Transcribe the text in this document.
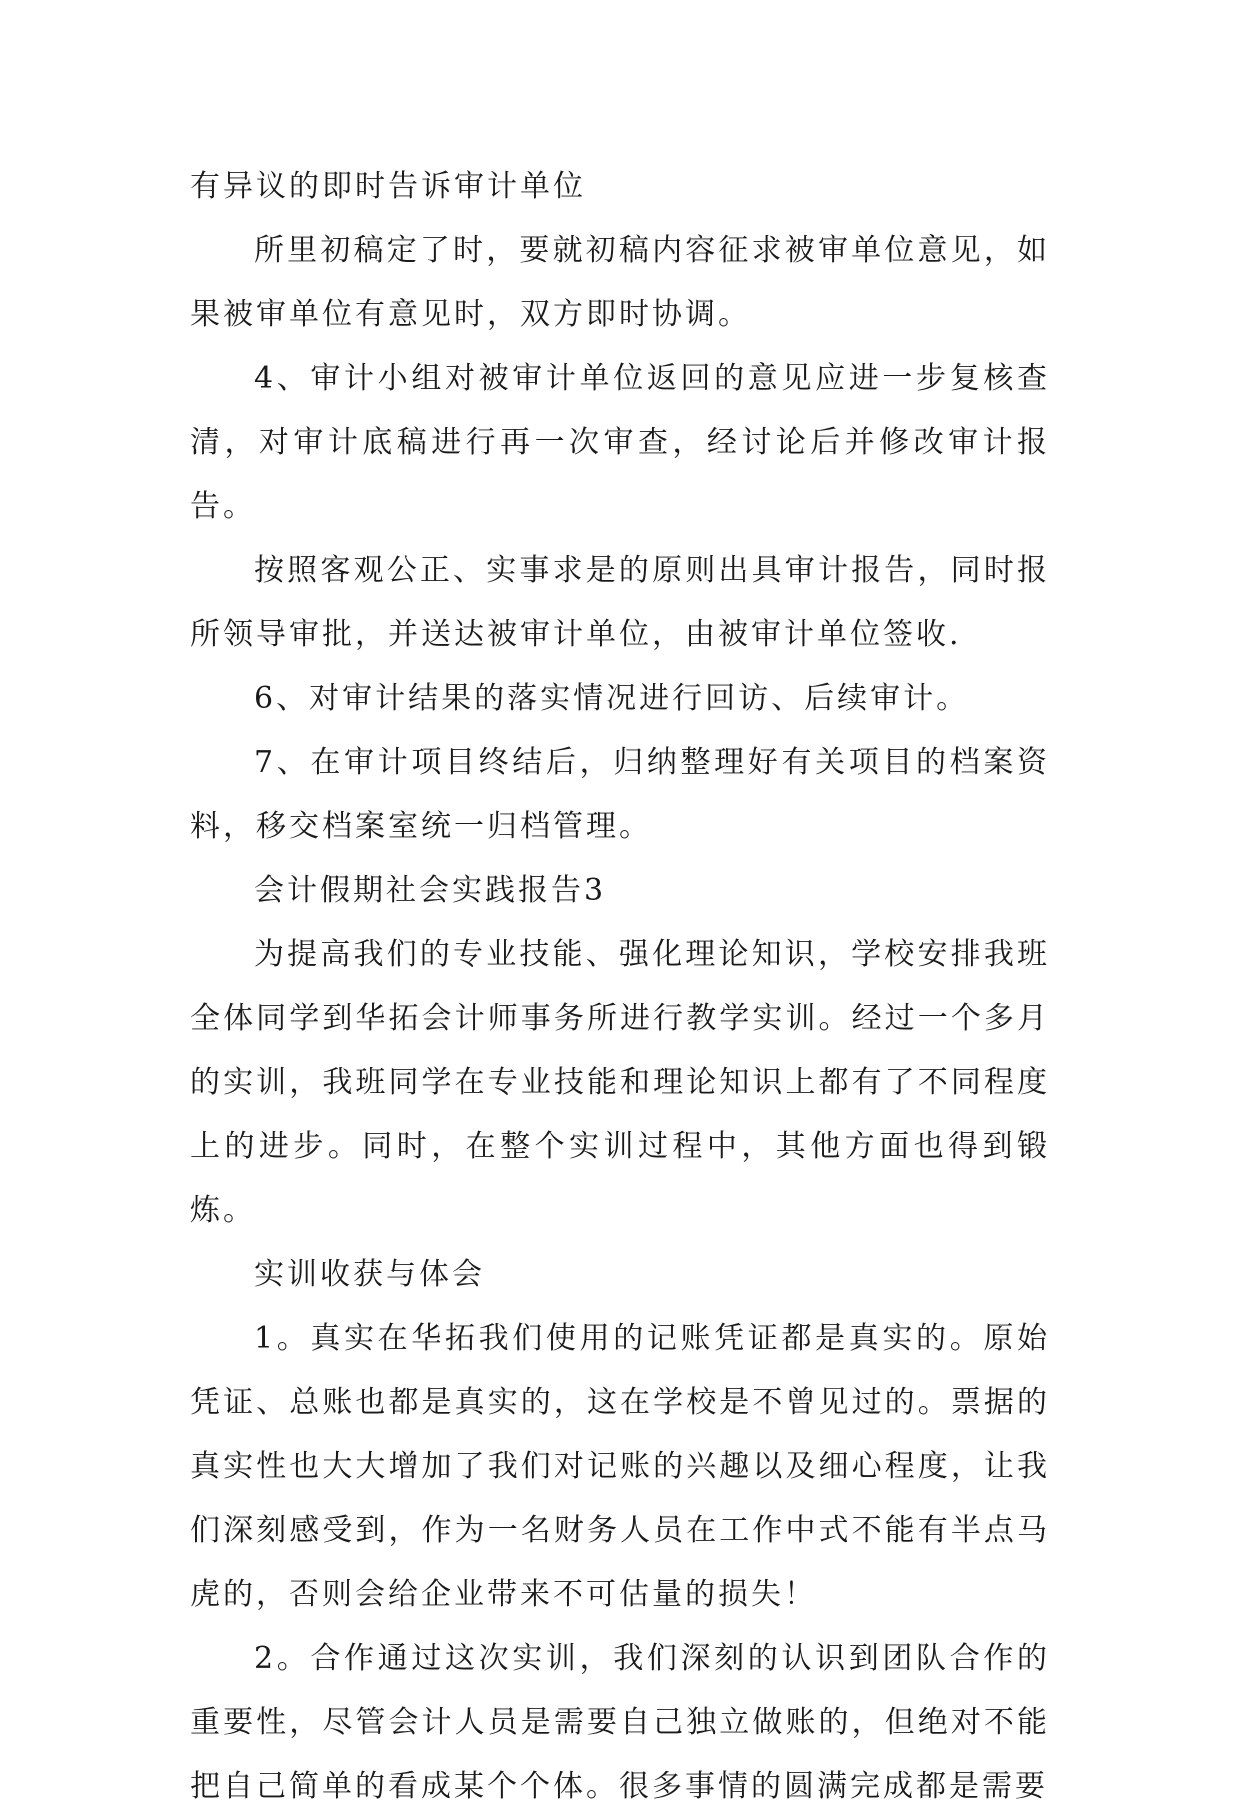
有异议的即时告诉审计单位

所里初稿定了时，要就初稿内容征求被审单位意见，如果被审单位有意见时，双方即时协调。

4、审计小组对被审计单位返回的意见应进一步复核查清，对审计底稿进行再一次审查，经讨论后并修改审计报告。

按照客观公正、实事求是的原则出具审计报告，同时报所领导审批，并送达被审计单位，由被审计单位签收.

6、对审计结果的落实情况进行回访、后续审计。

7、在审计项目终结后，归纳整理好有关项目的档案资料，移交档案室统一归档管理。

会计假期社会实践报告3

为提高我们的专业技能、强化理论知识，学校安排我班全体同学到华拓会计师事务所进行教学实训。经过一个多月的实训，我班同学在专业技能和理论知识上都有了不同程度上的进步。同时，在整个实训过程中，其他方面也得到锻炼。

实训收获与体会

1。真实在华拓我们使用的记账凭证都是真实的。原始凭证、总账也都是真实的，这在学校是不曾见过的。票据的真实性也大大增加了我们对记账的兴趣以及细心程度，让我们深刻感受到，作为一名财务人员在工作中式不能有半点马虎的，否则会给企业带来不可估量的损失！

2。合作通过这次实训，我们深刻的认识到团队合作的重要性，尽管会计人员是需要自己独立做账的，但绝对不能把自己简单的看成某个个体。很多事情的圆满完成都是需要
